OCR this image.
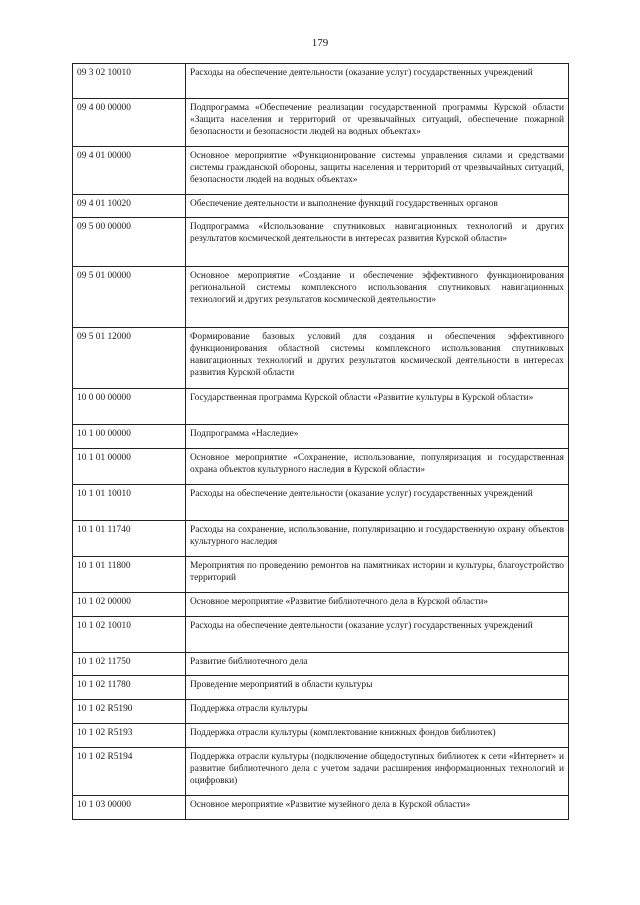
179
09 3 02 10010	Расходы на обеспечение деятельности (оказание услуг) государственных учреждений
09 4 00 00000	Подпрограмма «Обеспечение реализации государственной программы Курской области «Защита населения и территорий от чрезвычайных ситуаций, обеспечение пожарной безопасности и безопасности людей на водных объектах»
09 4 01 00000	Основное мероприятие «Функционирование системы управления силами и средствами системы гражданской обороны, защиты населения и территорий от чрезвычайных ситуаций, безопасности людей на водных объектах»
09 4 01 10020	Обеспечение деятельности и выполнение функций государственных органов
09 5 00 00000	Подпрограмма «Использование спутниковых навигационных технологий и других результатов космической деятельности в интересах развития Курской области»
09 5 01 00000	Основное мероприятие «Создание и обеспечение эффективного функционирования региональной системы комплексного использования спутниковых навигационных технологий и других результатов космической деятельности»
09 5 01 12000	Формирование базовых условий для создания и обеспечения эффективного функционирования областной системы комплексного использования спутниковых навигационных технологий и других результатов космической деятельности в интересах развития Курской области
10 0 00 00000	Государственная программа Курской области «Развитие культуры в Курской области»
10 1 00 00000	Подпрограмма «Наследие»
10 1 01 00000	Основное мероприятие «Сохранение, использование, популяризация и государственная охрана объектов культурного наследия в Курской области»
10 1 01 10010	Расходы на обеспечение деятельности (оказание услуг) государственных учреждений
10 1 01 11740	Расходы на сохранение, использование, популяризацию и государственную охрану объектов культурного наследия
10 1 01 11800	Мероприятия по проведению ремонтов на памятниках истории и культуры, благоустройство территорий
10 1 02 00000	Основное мероприятие «Развитие библиотечного дела в Курской области»
10 1 02 10010	Расходы на обеспечение деятельности (оказание услуг) государственных учреждений
10 1 02 11750	Развитие библиотечного дела
10 1 02 11780	Проведение мероприятий в области культуры
10 1 02 R5190	Поддержка отрасли культуры
10 1 02 R5193	Поддержка отрасли культуры (комплектование книжных фондов библиотек)
10 1 02 R5194	Поддержка отрасли культуры (подключение общедоступных библиотек к сети «Интернет» и развитие библиотечного дела с учетом задачи расширения информационных технологий и оцифровки)
10 1 03 00000	Основное мероприятие «Развитие музейного дела в Курской области»
